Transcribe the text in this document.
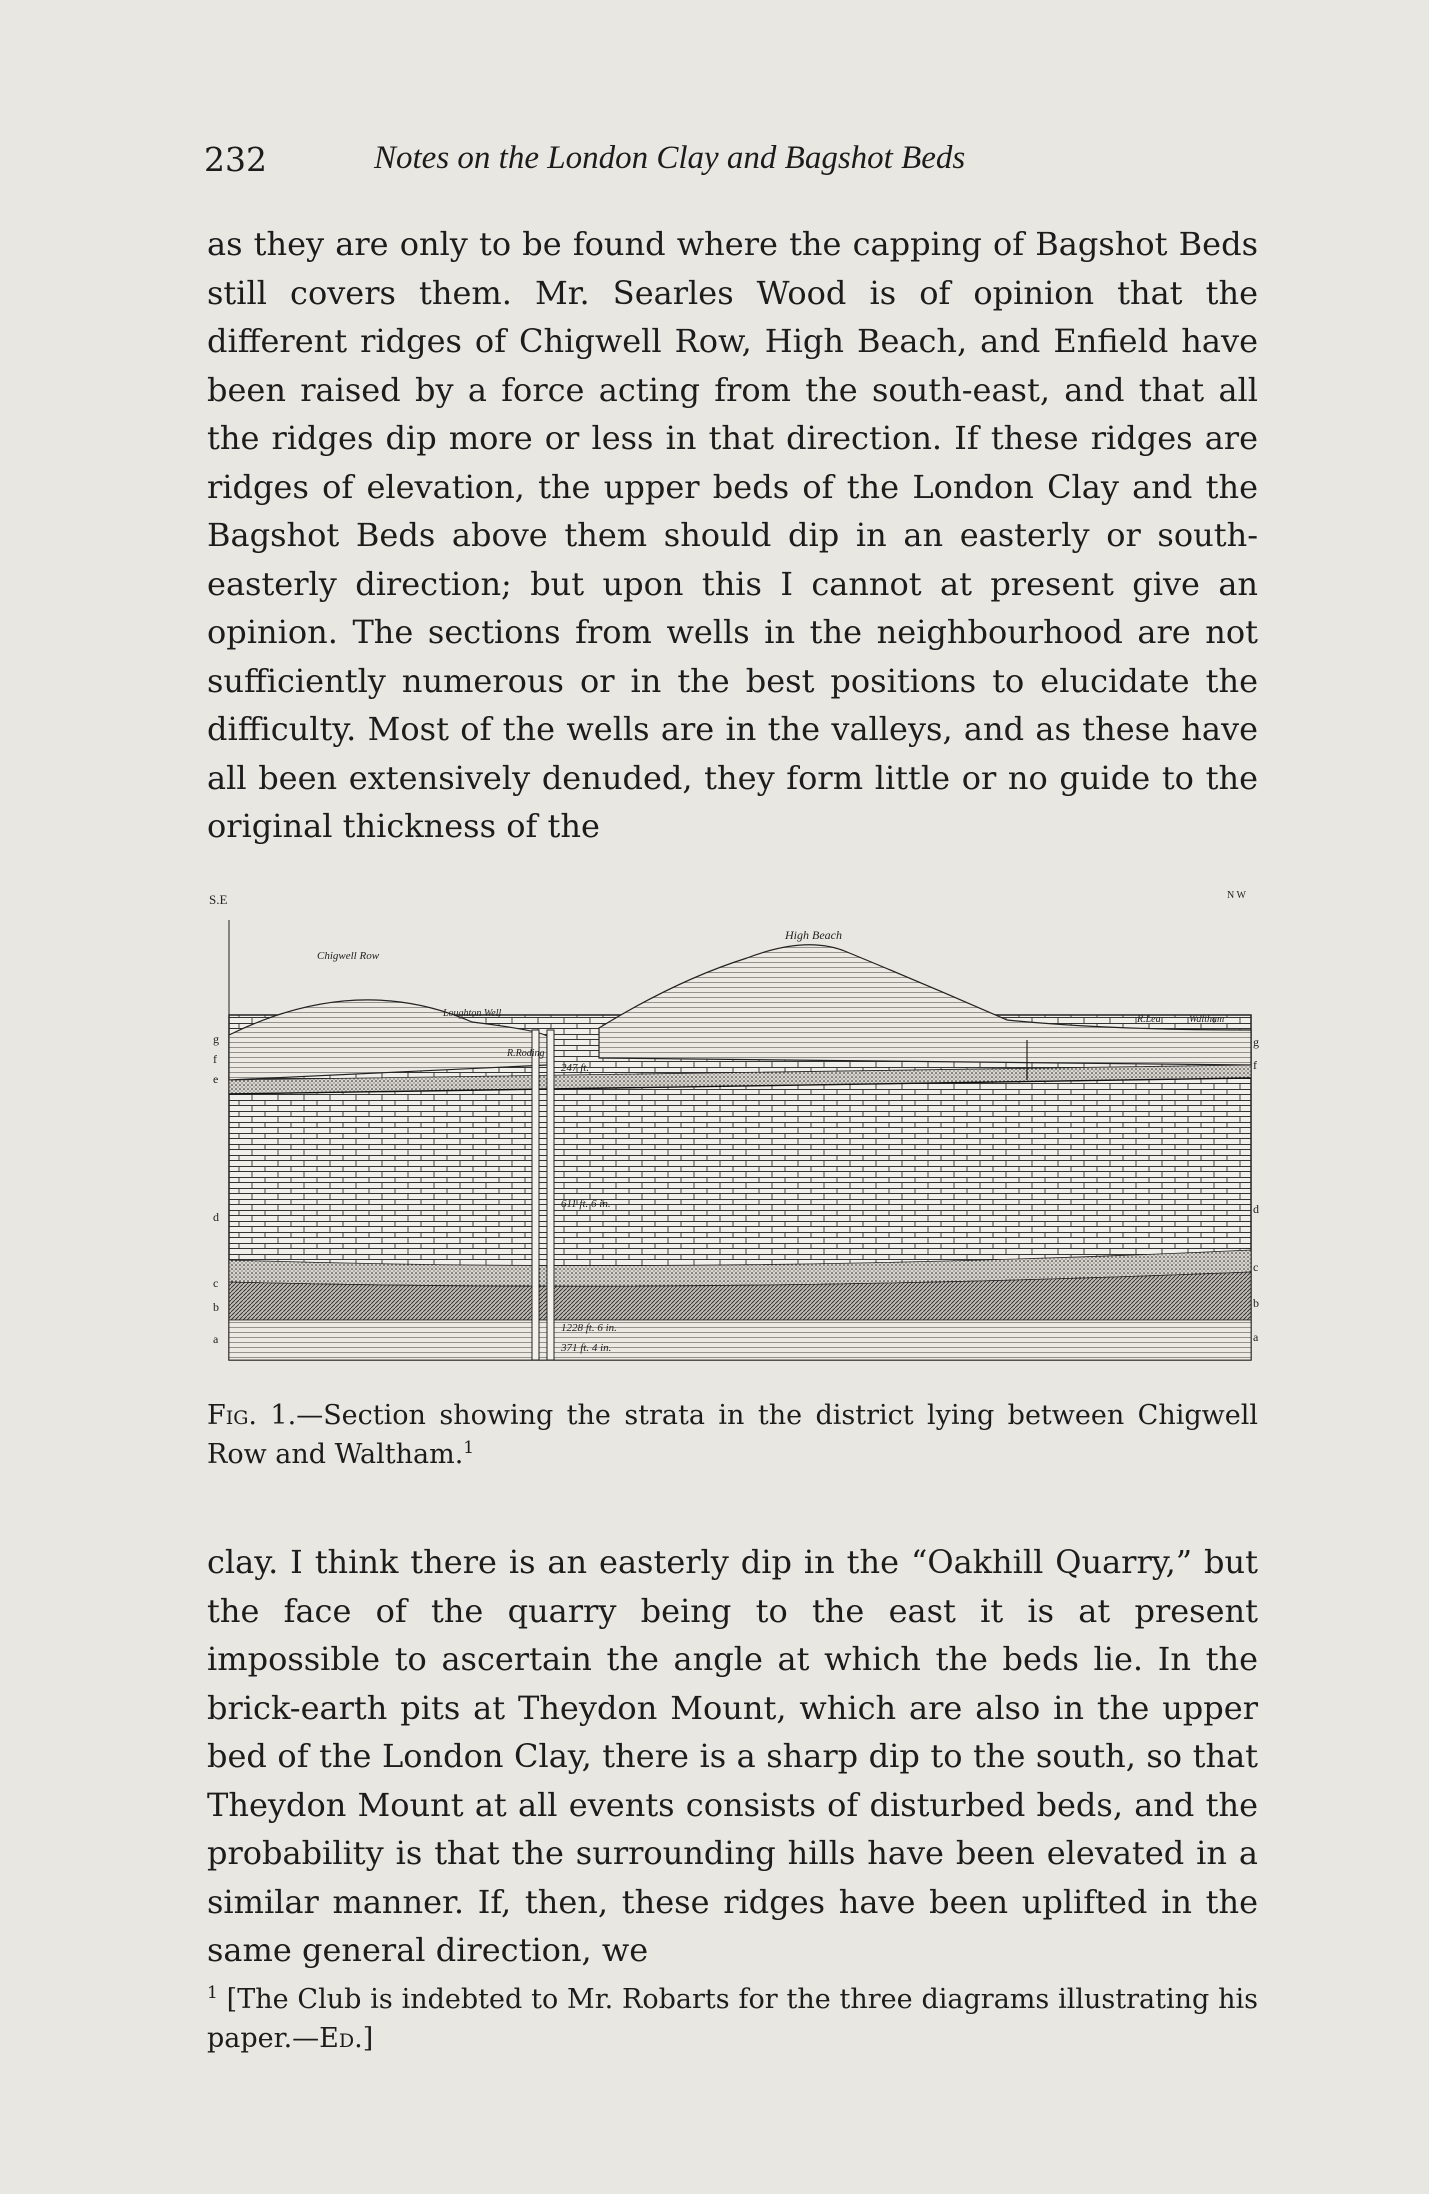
232	Notes on the London Clay and Bagshot Beds

as they are only to be found where the capping of Bagshot Beds still covers them. Mr. Searles Wood is of opinion that the different ridges of Chigwell Row, High Beach, and Enfield have been raised by a force acting from the south-east, and that all the ridges dip more or less in that direction. If these ridges are ridges of elevation, the upper beds of the London Clay and the Bagshot Beds above them should dip in an easterly or south-easterly direction; but upon this I cannot at present give an opinion. The sections from wells in the neighbourhood are not sufficiently numerous or in the best positions to elucidate the difficulty. Most of the wells are in the valleys, and as these have all been extensively denuded, they form little or no guide to the original thickness of the

S.E	N W
Chigwell Row
Loughton Well
R.Roding
High Beach
R.Lea	Waltham
247 ft.
611 ft. 6 in.
1228 ft. 6 in.
371 ft. 4 in.
g
f
e
d
c
b
a
g
f
d
c
b
a

Fig. 1.—Section showing the strata in the district lying between Chigwell Row and Waltham.$^1$

clay. I think there is an easterly dip in the “Oakhill Quarry,” but the face of the quarry being to the east it is at present impossible to ascertain the angle at which the beds lie. In the brick-earth pits at Theydon Mount, which are also in the upper bed of the London Clay, there is a sharp dip to the south, so that Theydon Mount at all events consists of disturbed beds, and the probability is that the surrounding hills have been elevated in a similar manner. If, then, these ridges have been uplifted in the same general direction, we

$^1$ [The Club is indebted to Mr. Robarts for the three diagrams illustrating his paper.—Ed.]
